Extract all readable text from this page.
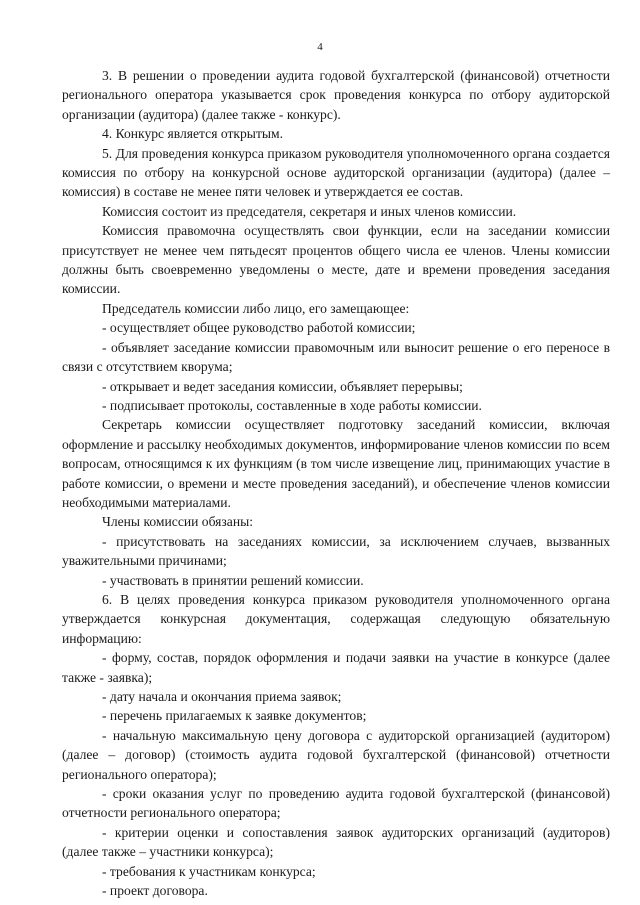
4

3. В решении о проведении аудита годовой бухгалтерской (финансовой) отчетности регионального оператора указывается срок проведения конкурса по отбору аудиторской организации (аудитора) (далее также - конкурс).

4. Конкурс является открытым.

5. Для проведения конкурса приказом руководителя уполномоченного органа создается комиссия по отбору на конкурсной основе аудиторской организации (аудитора) (далее – комиссия) в составе не менее пяти человек и утверждается ее состав.

Комиссия состоит из председателя, секретаря и иных членов комиссии.

Комиссия правомочна осуществлять свои функции, если на заседании комиссии присутствует не менее чем пятьдесят процентов общего числа ее членов. Члены комиссии должны быть своевременно уведомлены о месте, дате и времени проведения заседания комиссии.

Председатель комиссии либо лицо, его замещающее:

- осуществляет общее руководство работой комиссии;

- объявляет заседание комиссии правомочным или выносит решение о его переносе в связи с отсутствием кворума;

- открывает и ведет заседания комиссии, объявляет перерывы;

- подписывает протоколы, составленные в ходе работы комиссии.

Секретарь комиссии осуществляет подготовку заседаний комиссии, включая оформление и рассылку необходимых документов, информирование членов комиссии по всем вопросам, относящимся к их функциям (в том числе извещение лиц, принимающих участие в работе комиссии, о времени и месте проведения заседаний), и обеспечение членов комиссии необходимыми материалами.

Члены комиссии обязаны:

- присутствовать на заседаниях комиссии, за исключением случаев, вызванных уважительными причинами;

- участвовать в принятии решений комиссии.

6. В целях проведения конкурса приказом руководителя уполномоченного органа утверждается конкурсная документация, содержащая следующую обязательную информацию:

- форму, состав, порядок оформления и подачи заявки на участие в конкурсе (далее также - заявка);

- дату начала и окончания приема заявок;

- перечень прилагаемых к заявке документов;

- начальную максимальную цену договора с аудиторской организацией (аудитором) (далее – договор) (стоимость аудита годовой бухгалтерской (финансовой) отчетности регионального оператора);

- сроки оказания услуг по проведению аудита годовой бухгалтерской (финансовой) отчетности регионального оператора;

- критерии оценки и сопоставления заявок аудиторских организаций (аудиторов) (далее также – участники конкурса);

- требования к участникам конкурса;

- проект договора.
